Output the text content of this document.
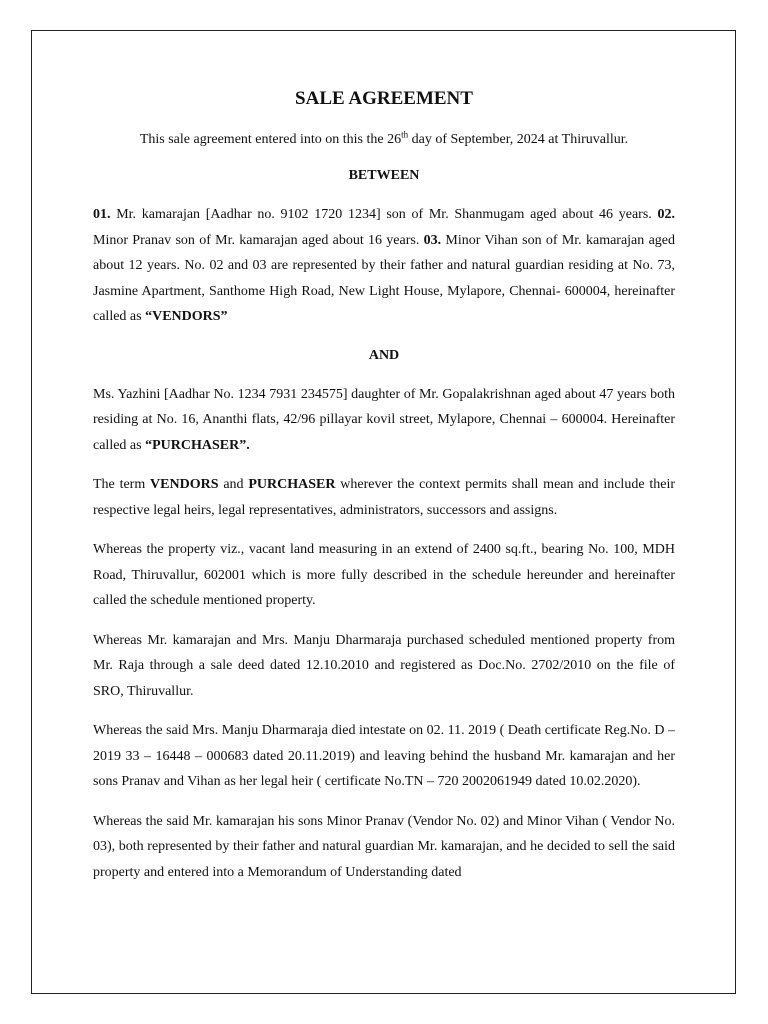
SALE AGREEMENT

This sale agreement entered into on this the 26th day of September, 2024 at Thiruvallur.

BETWEEN

01. Mr. kamarajan [Aadhar no. 9102 1720 1234] son of Mr. Shanmugam aged about 46 years. 02. Minor Pranav son of Mr. kamarajan aged about 16 years. 03. Minor Vihan son of Mr. kamarajan aged about 12 years. No. 02 and 03 are represented by their father and natural guardian residing at No. 73, Jasmine Apartment, Santhome High Road, New Light House, Mylapore, Chennai- 600004, hereinafter called as “VENDORS”

AND

Ms. Yazhini [Aadhar No. 1234 7931 234575] daughter of Mr. Gopalakrishnan aged about 47 years both residing at No. 16, Ananthi flats, 42/96 pillayar kovil street, Mylapore, Chennai – 600004. Hereinafter called as “PURCHASER”.

The term VENDORS and PURCHASER wherever the context permits shall mean and include their respective legal heirs, legal representatives, administrators, successors and assigns.

Whereas the property viz., vacant land measuring in an extend of 2400 sq.ft., bearing No. 100, MDH Road, Thiruvallur, 602001 which is more fully described in the schedule hereunder and hereinafter called the schedule mentioned property.

Whereas Mr. kamarajan and Mrs. Manju Dharmaraja purchased scheduled mentioned property from Mr. Raja through a sale deed dated 12.10.2010 and registered as Doc.No. 2702/2010 on the file of SRO, Thiruvallur.

Whereas the said Mrs. Manju Dharmaraja died intestate on 02. 11. 2019 ( Death certificate Reg.No. D – 2019 33 – 16448 – 000683 dated 20.11.2019) and leaving behind the husband Mr. kamarajan and her sons Pranav and Vihan as her legal heir ( certificate No.TN – 720 2002061949 dated 10.02.2020).

Whereas the said Mr. kamarajan his sons Minor Pranav (Vendor No. 02) and Minor Vihan ( Vendor No. 03), both represented by their father and natural guardian Mr. kamarajan, and he decided to sell the said property and entered into a Memorandum of Understanding dated
